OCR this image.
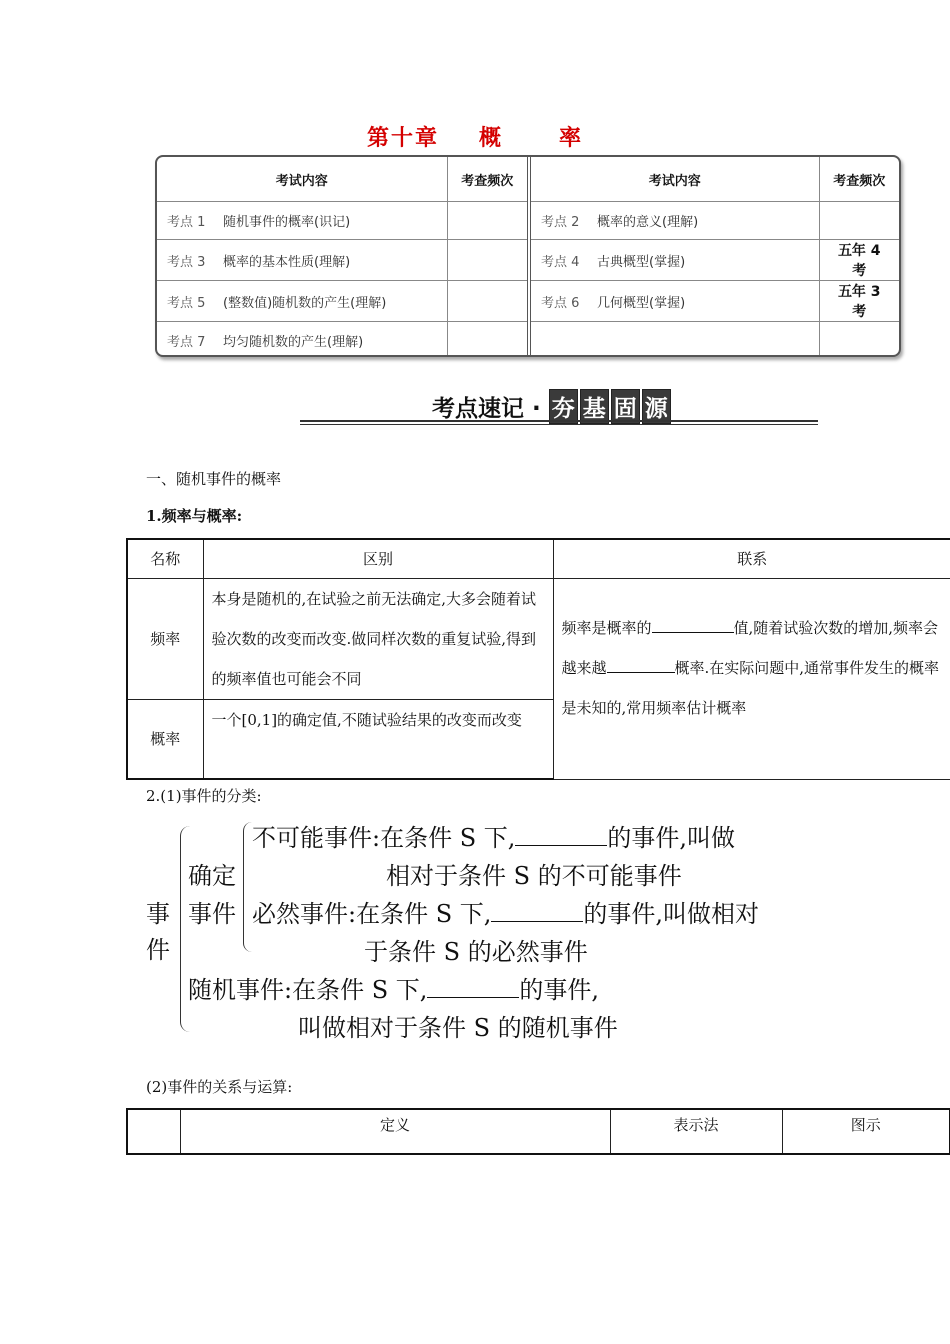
第十章 概	率
考试内容	考查频次	考试内容	考查频次
考点 1 随机事件的概率(识记)		考点 2 概率的意义(理解)	
考点 3 概率的基本性质(理解)		考点 4 古典概型(掌握)	五年 4 考
考点 5 (整数值)随机数的产生(理解)		考点 6 几何概型(掌握)	五年 3 考
考点 7 均匀随机数的产生(理解)			
考点速记 · 夯 基 固 源
一、随机事件的概率
1.频率与概率:
名称	区别	联系
频率	本身是随机的,在试验之前无法确定,大多会随着试验次数的改变而改变.做同样次数的重复试验,得到的频率值也可能会不同	频率是概率的 值,随着试验次数的增加,频率会越来越 概率.在实际问题中,通常事件发生的概率是未知的,常用频率估计概率
概率	一个[0,1]的确定值,不随试验结果的改变而改变	
2.(1)事件的分类:
事
件
确定
事件
不可能事件:在条件 S 下,	的事件,叫做
相对于条件 S 的不可能事件
必然事件:在条件 S 下,	的事件,叫做相对
于条件 S 的必然事件
随机事件:在条件 S 下,	的事件,
叫做相对于条件 S 的随机事件
(2)事件的关系与运算:
	定义	表示法	图示
